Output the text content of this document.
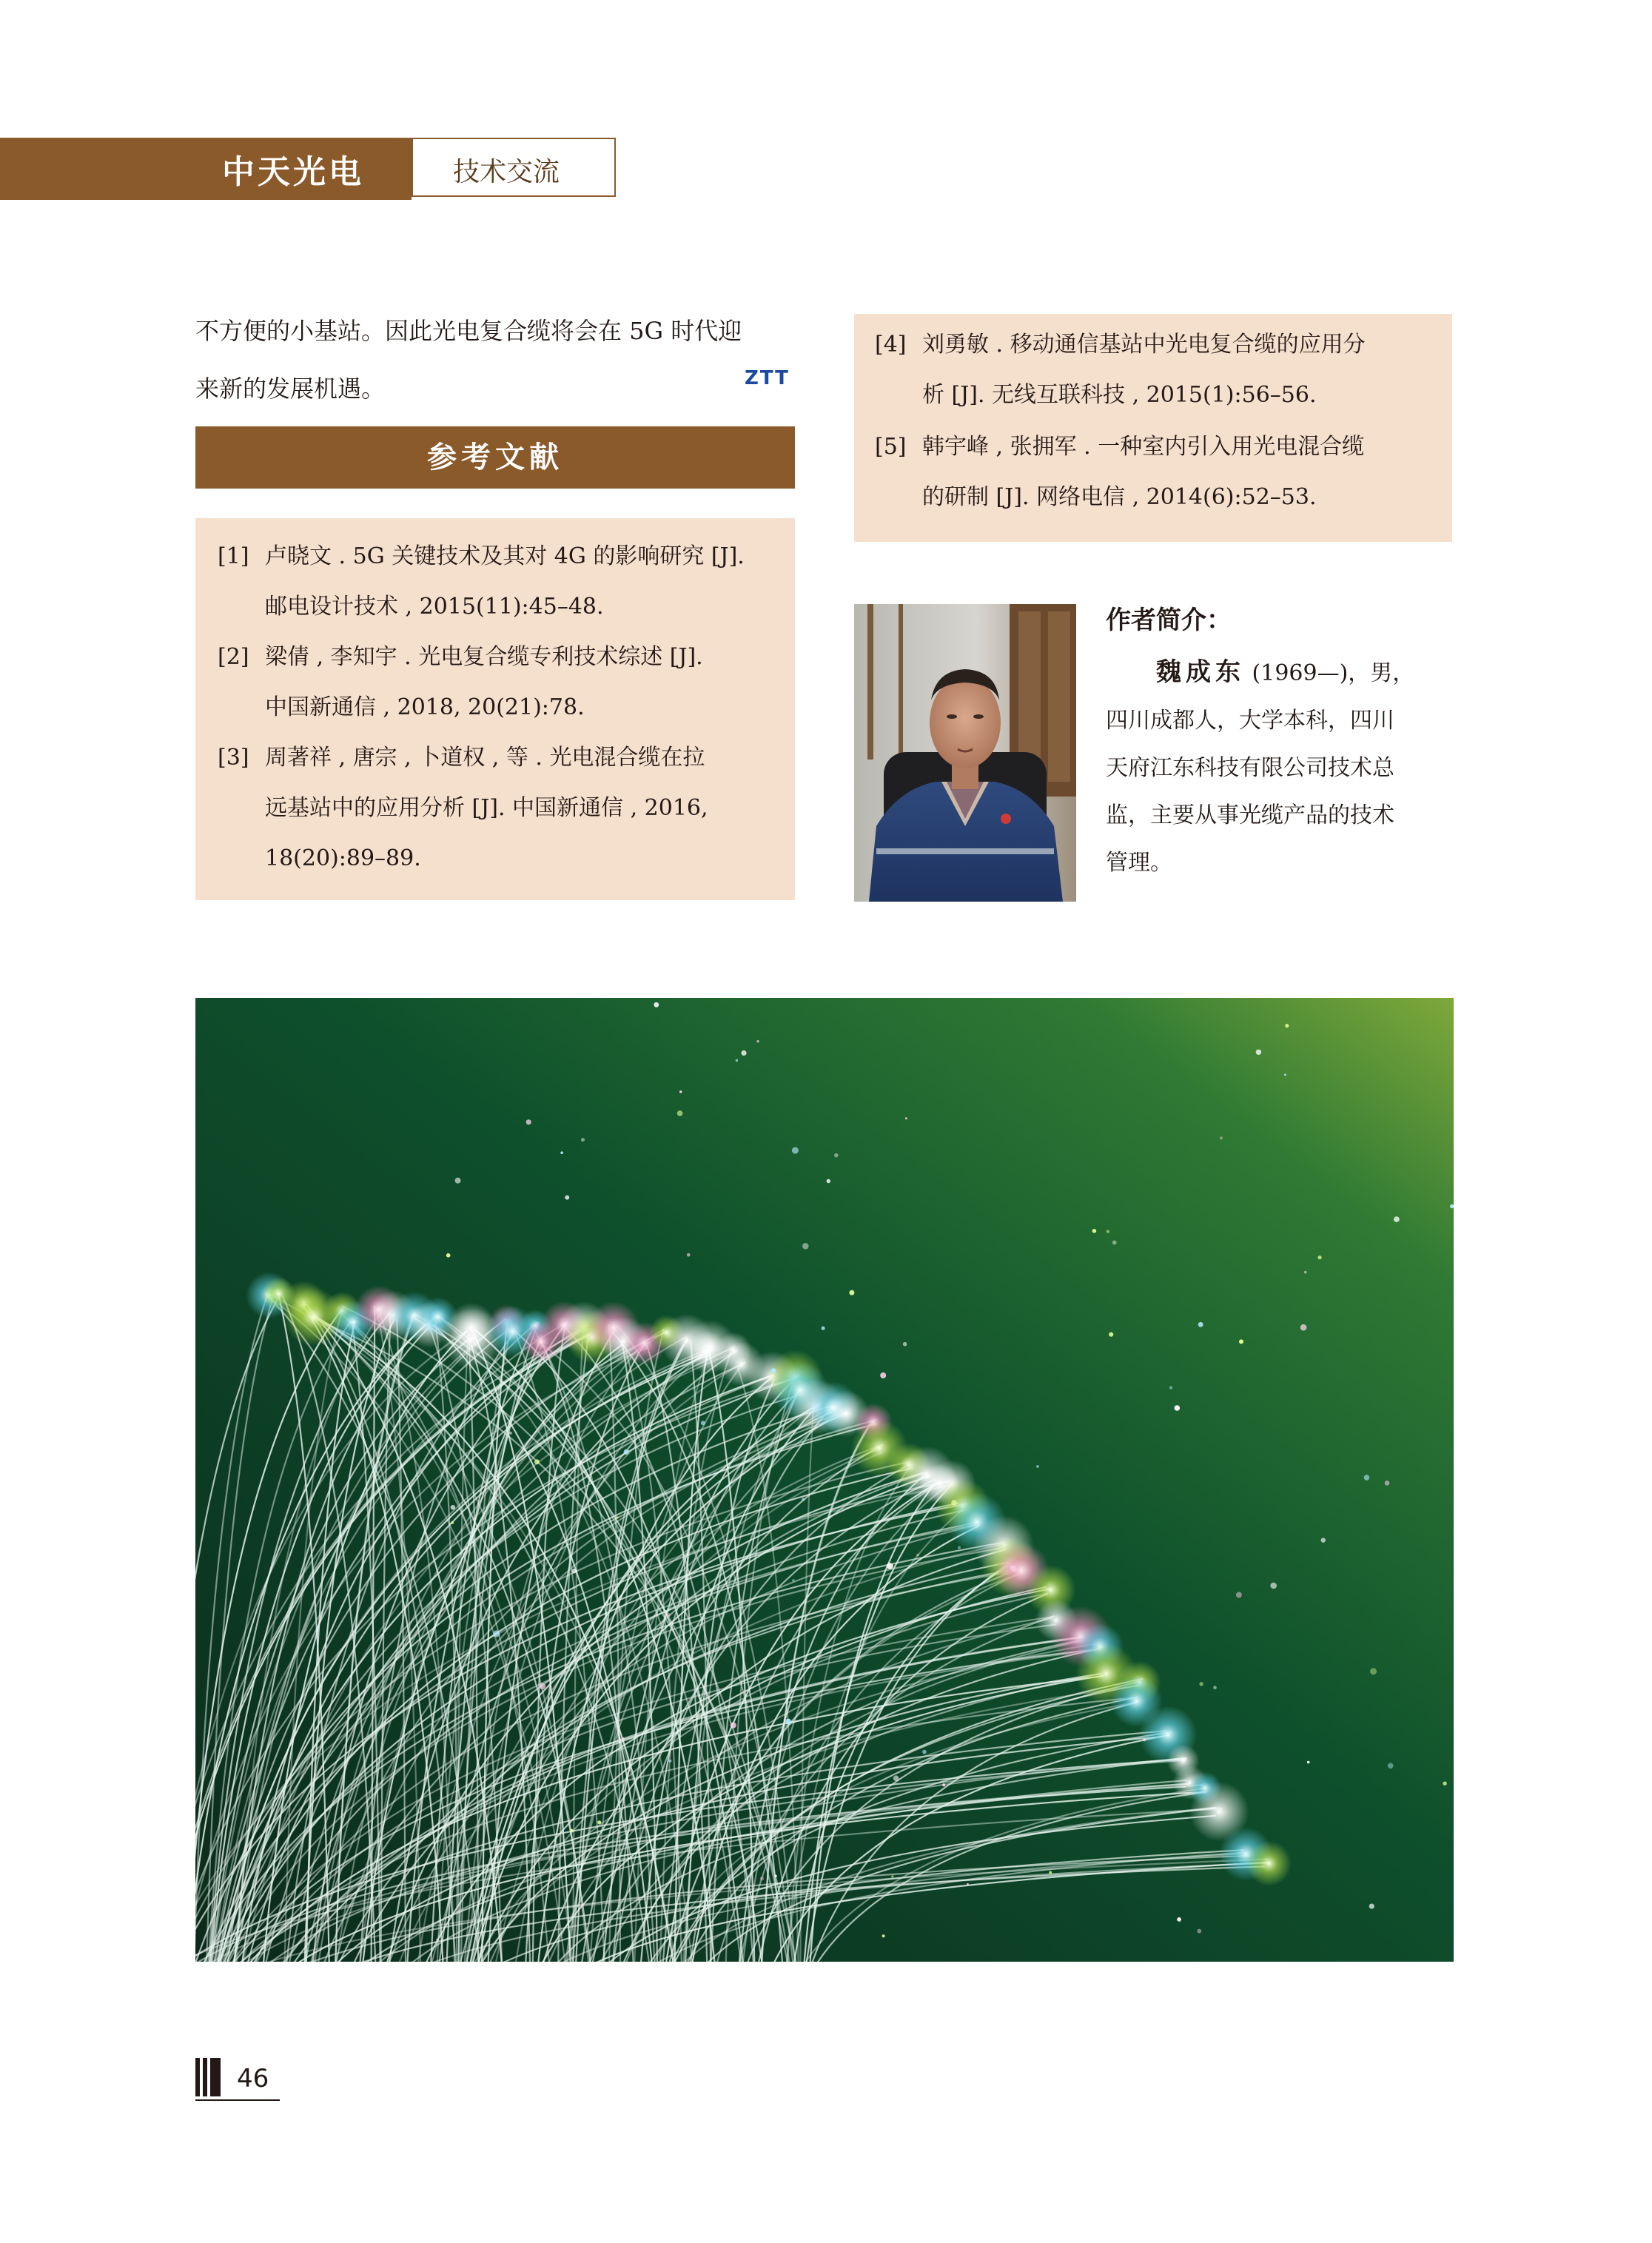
中天光电	技术交流
不方便的小基站。因此光电复合缆将会在 5G 时代迎
来新的发展机遇。	ZTT
参考文献
[1] 卢晓文 . 5G 关键技术及其对 4G 的影响研究 [J].
邮电设计技术 , 2015(11):45–48.
[2] 梁倩 , 李知宇 . 光电复合缆专利技术综述 [J].
中国新通信 , 2018, 20(21):78.
[3] 周著祥 , 唐宗 , 卜道权 , 等 . 光电混合缆在拉
远基站中的应用分析 [J]. 中国新通信 , 2016,
18(20):89–89.
[4] 刘勇敏 . 移动通信基站中光电复合缆的应用分
析 [J]. 无线互联科技 , 2015(1):56–56.
[5] 韩宇峰 , 张拥军 . 一种室内引入用光电混合缆
的研制 [J]. 网络电信 , 2014(6):52–53.
作者简介：
魏成东 (1969—)，男，
四川成都人，大学本科，四川
天府江东科技有限公司技术总
监，主要从事光缆产品的技术
管理。
46
